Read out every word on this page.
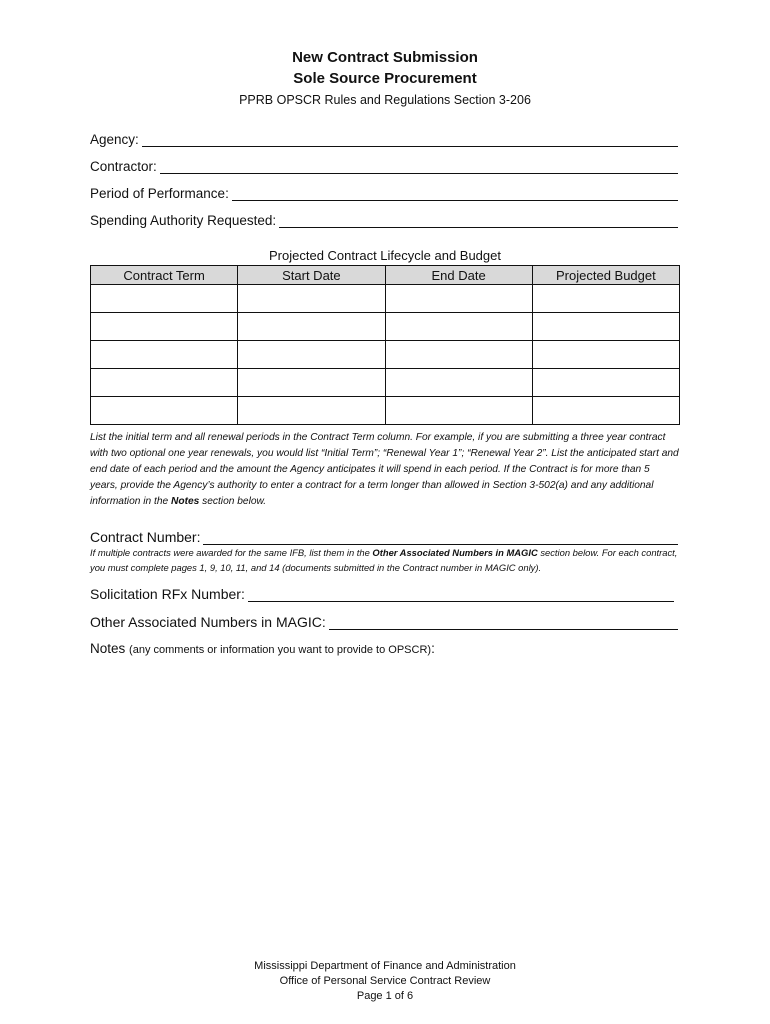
New Contract Submission
Sole Source Procurement
PPRB OPSCR Rules and Regulations Section 3-206
Agency:
Contractor:
Period of Performance:
Spending Authority Requested:
Projected Contract Lifecycle and Budget
Contract Term	Start Date	End Date	Projected Budget

List the initial term and all renewal periods in the Contract Term column. For example, if you are submitting a three year contract with two optional one year renewals, you would list “Initial Term”; “Renewal Year 1”; “Renewal Year 2”. List the anticipated start and end date of each period and the amount the Agency anticipates it will spend in each period. If the Contract is for more than 5 years, provide the Agency’s authority to enter a contract for a term longer than allowed in Section 3-502(a) and any additional information in the Notes section below.
Contract Number:
If multiple contracts were awarded for the same IFB, list them in the Other Associated Numbers in MAGIC section below. For each contract, you must complete pages 1, 9, 10, 11, and 14 (documents submitted in the Contract number in MAGIC only).
Solicitation RFx Number:
Other Associated Numbers in MAGIC:
Notes (any comments or information you want to provide to OPSCR):
Mississippi Department of Finance and Administration
Office of Personal Service Contract Review
Page 1 of 6
